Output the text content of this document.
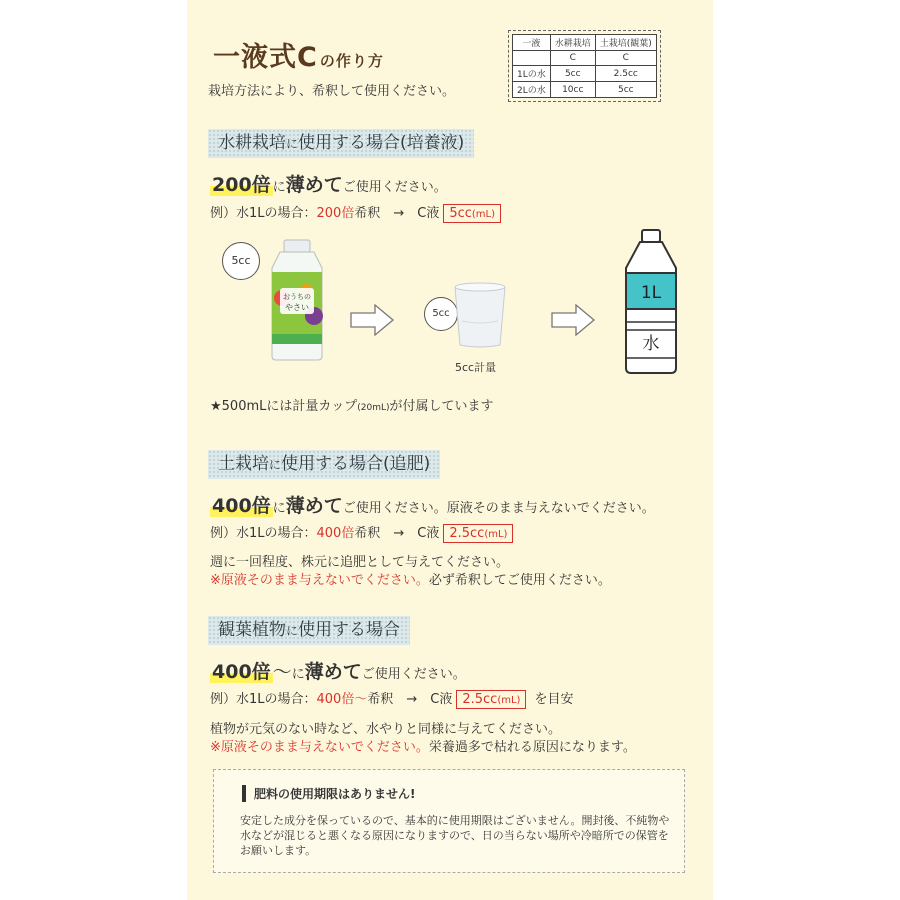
一液式C の作り方
栽培方法により、希釈して使用ください。
一液	水耕栽培	土栽培(観葉)
	C	C
1Lの水	5cc	2.5cc
2Lの水	10cc	5cc
水耕栽培に使用する場合(培養液)
200倍 に薄めてご使用ください。
例）水1Lの場合：200倍希釈　→　C液 5cc(mL)
5cc
おうちの
やさい
5cc
5cc計量
1L
水
★500mLには計量カップ(20mL)が付属しています
土栽培に使用する場合(追肥)
400倍 に薄めてご使用ください。原液そのまま与えないでください。
例）水1Lの場合：400倍希釈　→　C液 2.5cc(mL)
週に一回程度、株元に追肥として与えてください。
※原液そのまま与えないでください。必ず希釈してご使用ください。
観葉植物に使用する場合
400倍 〜に薄めてご使用ください。
例）水1Lの場合：400倍〜希釈　→　C液 2.5cc(mL) を目安
植物が元気のない時など、水やりと同様に与えてください。
※原液そのまま与えないでください。栄養過多で枯れる原因になります。
肥料の使用期限はありません!
安定した成分を保っているので、基本的に使用期限はございません。開封後、不純物や水などが混じると悪くなる原因になりますので、日の当らない場所や冷暗所での保管をお願いします。
